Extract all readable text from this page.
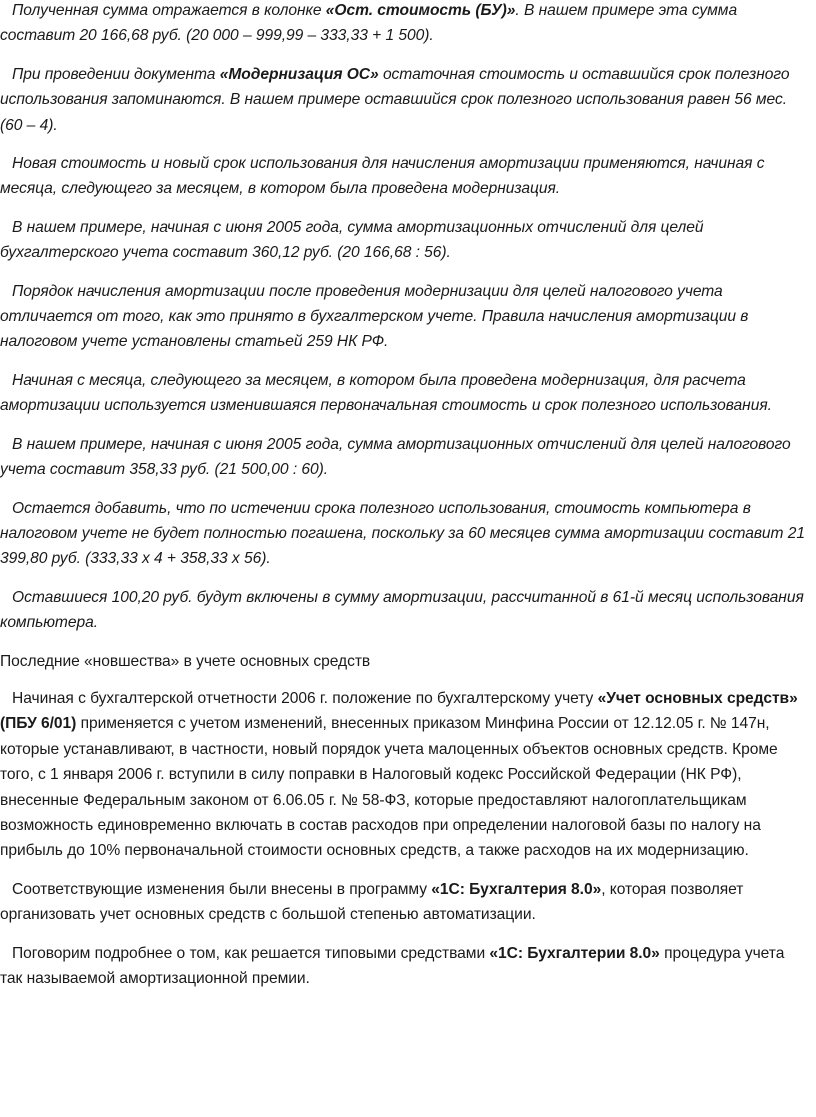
Полученная сумма отражается в колонке «Ост. стоимость (БУ)». В нашем примере эта сумма составит 20 166,68 руб. (20 000 – 999,99 – 333,33 + 1 500).

При проведении документа «Модернизация ОС» остаточная стоимость и оставшийся срок полезного использования запоминаются. В нашем примере оставшийся срок полезного использования равен 56 мес. (60 – 4).

Новая стоимость и новый срок использования для начисления амортизации применяются, начиная с месяца, следующего за месяцем, в котором была проведена модернизация.

В нашем примере, начиная с июня 2005 года, сумма амортизационных отчислений для целей бухгалтерского учета составит 360,12 руб. (20 166,68 : 56).

Порядок начисления амортизации после проведения модернизации для целей налогового учета отличается от того, как это принято в бухгалтерском учете. Правила начисления амортизации в налоговом учете установлены статьей 259 НК РФ.

Начиная с месяца, следующего за месяцем, в котором была проведена модернизация, для расчета амортизации используется изменившаяся первоначальная стоимость и срок полезного использования.

В нашем примере, начиная с июня 2005 года, сумма амортизационных отчислений для целей налогового учета составит 358,33 руб. (21 500,00 : 60).

Остается добавить, что по истечении срока полезного использования, стоимость компьютера в налоговом учете не будет полностью погашена, поскольку за 60 месяцев сумма амортизации составит 21 399,80 руб. (333,33 х 4 + 358,33 х 56).

Оставшиеся 100,20 руб. будут включены в сумму амортизации, рассчитанной в 61-й месяц использования компьютера.

Последние «новшества» в учете основных средств

Начиная с бухгалтерской отчетности 2006 г. положение по бухгалтерскому учету «Учет основных средств» (ПБУ 6/01) применяется с учетом изменений, внесенных приказом Минфина России от 12.12.05 г. № 147н, которые устанавливают, в частности, новый порядок учета малоценных объектов основных средств. Кроме того, с 1 января 2006 г. вступили в силу поправки в Налоговый кодекс Российской Федерации (НК РФ), внесенные Федеральным законом от 6.06.05 г. № 58-ФЗ, которые предоставляют налогоплательщикам возможность единовременно включать в состав расходов при определении налоговой базы по налогу на прибыль до 10% первоначальной стоимости основных средств, а также расходов на их модернизацию.

Соответствующие изменения были внесены в программу «1С: Бухгалтерия 8.0», которая позволяет организовать учет основных средств с большой степенью автоматизации.

Поговорим подробнее о том, как решается типовыми средствами «1С: Бухгалтерии 8.0» процедура учета так называемой амортизационной премии.
